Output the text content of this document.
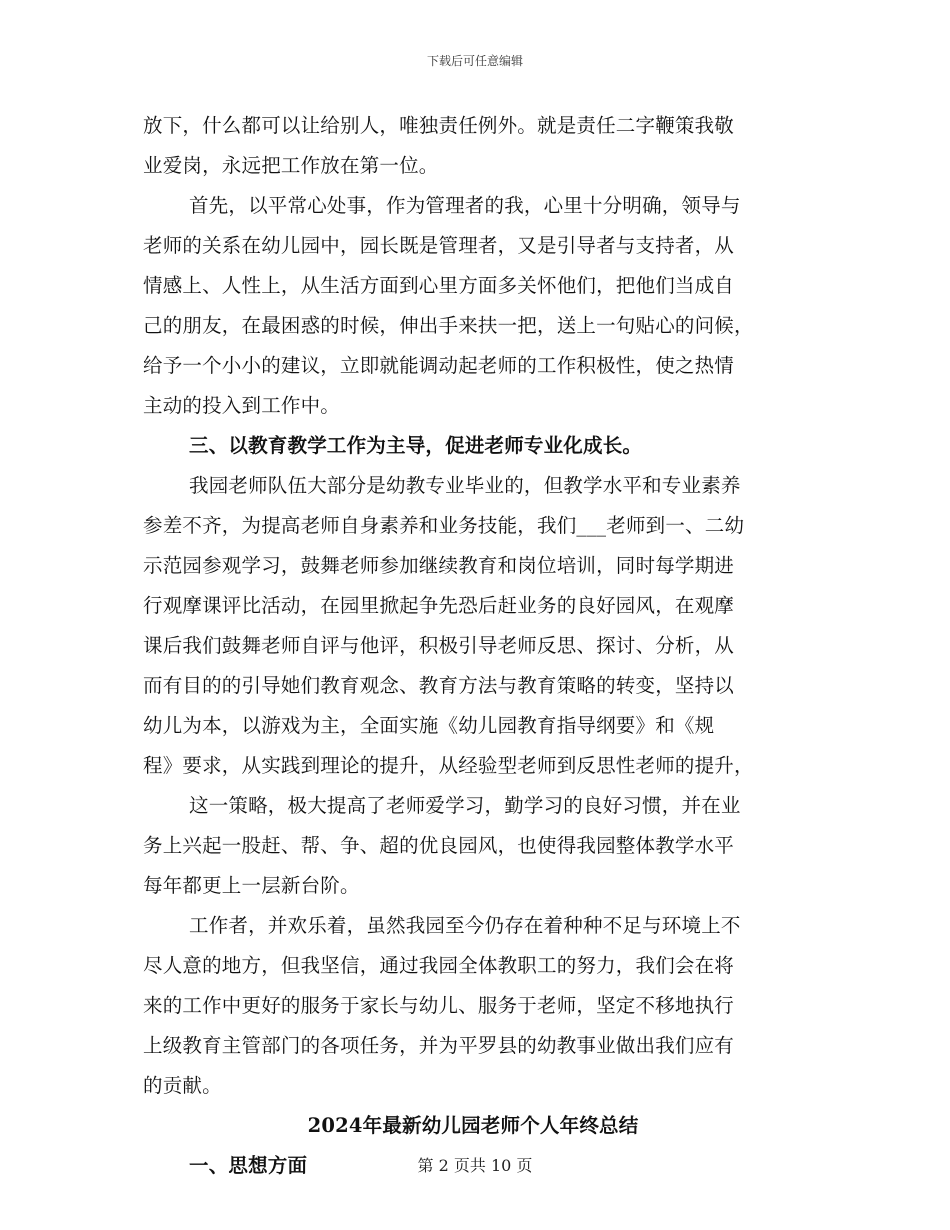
下载后可任意编辑
放下，什么都可以让给别人，唯独责任例外。就是责任二字鞭策我敬
业爱岗，永远把工作放在第一位。
首先，以平常心处事，作为管理者的我，心里十分明确，领导与
老师的关系在幼儿园中，园长既是管理者，又是引导者与支持者，从
情感上、人性上，从生活方面到心里方面多关怀他们，把他们当成自
己的朋友，在最困惑的时候，伸出手来扶一把，送上一句贴心的问候，
给予一个小小的建议，立即就能调动起老师的工作积极性，使之热情
主动的投入到工作中。
三、以教育教学工作为主导，促进老师专业化成长。
我园老师队伍大部分是幼教专业毕业的，但教学水平和专业素养
参差不齐，为提高老师自身素养和业务技能，我们___老师到一、二幼
示范园参观学习，鼓舞老师参加继续教育和岗位培训，同时每学期进
行观摩课评比活动，在园里掀起争先恐后赶业务的良好园风，在观摩
课后我们鼓舞老师自评与他评，积极引导老师反思、探讨、分析，从
而有目的的引导她们教育观念、教育方法与教育策略的转变，坚持以
幼儿为本，以游戏为主，全面实施《幼儿园教育指导纲要》和《规
程》要求，从实践到理论的提升，从经验型老师到反思性老师的提升，
这一策略，极大提高了老师爱学习，勤学习的良好习惯，并在业
务上兴起一股赶、帮、争、超的优良园风，也使得我园整体教学水平
每年都更上一层新台阶。
工作者，并欢乐着，虽然我园至今仍存在着种种不足与环境上不
尽人意的地方，但我坚信，通过我园全体教职工的努力，我们会在将
来的工作中更好的服务于家长与幼儿、服务于老师，坚定不移地执行
上级教育主管部门的各项任务，并为平罗县的幼教事业做出我们应有
的贡献。
2024年最新幼儿园老师个人年终总结
一、思想方面	第 2 页共 10 页
